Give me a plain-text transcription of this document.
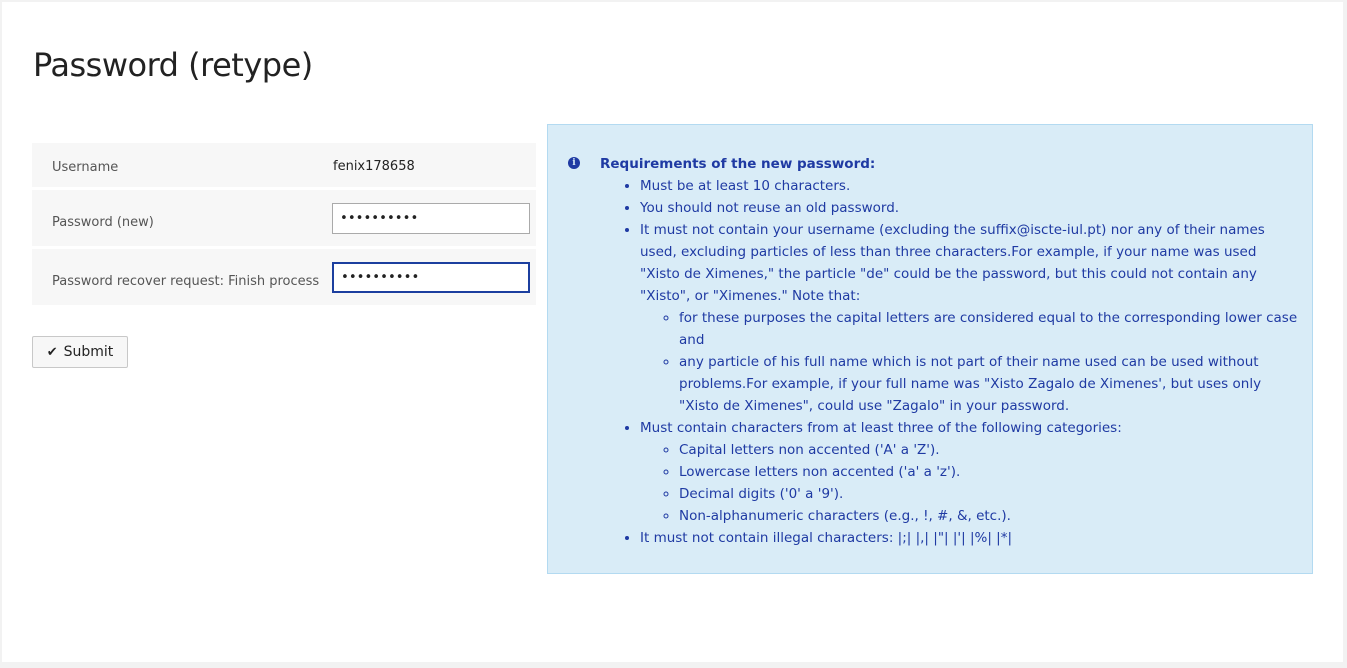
Password (retype)
Username	fenix178658
Password (new)
••••••••••
Password recover request: Finish process
••••••••••
✔ Submit
i	Requirements of the new password:
• Must be at least 10 characters.
• You should not reuse an old password.
• It must not contain your username (excluding the suffix@iscte-iul.pt) nor any of their names used, excluding particles of less than three characters.For example, if your name was used "Xisto de Ximenes," the particle "de" could be the password, but this could not contain any "Xisto", or "Ximenes." Note that:
◦ for these purposes the capital letters are considered equal to the corresponding lower case and
◦ any particle of his full name which is not part of their name used can be used without problems.For example, if your full name was "Xisto Zagalo de Ximenes', but uses only "Xisto de Ximenes", could use "Zagalo" in your password.
• Must contain characters from at least three of the following categories:
◦ Capital letters non accented ('A' a 'Z').
◦ Lowercase letters non accented ('a' a 'z').
◦ Decimal digits ('0' a '9').
◦ Non-alphanumeric characters (e.g., !, #, &, etc.).
• It must not contain illegal characters: |;| |,| |"| |'| |%| |*|
